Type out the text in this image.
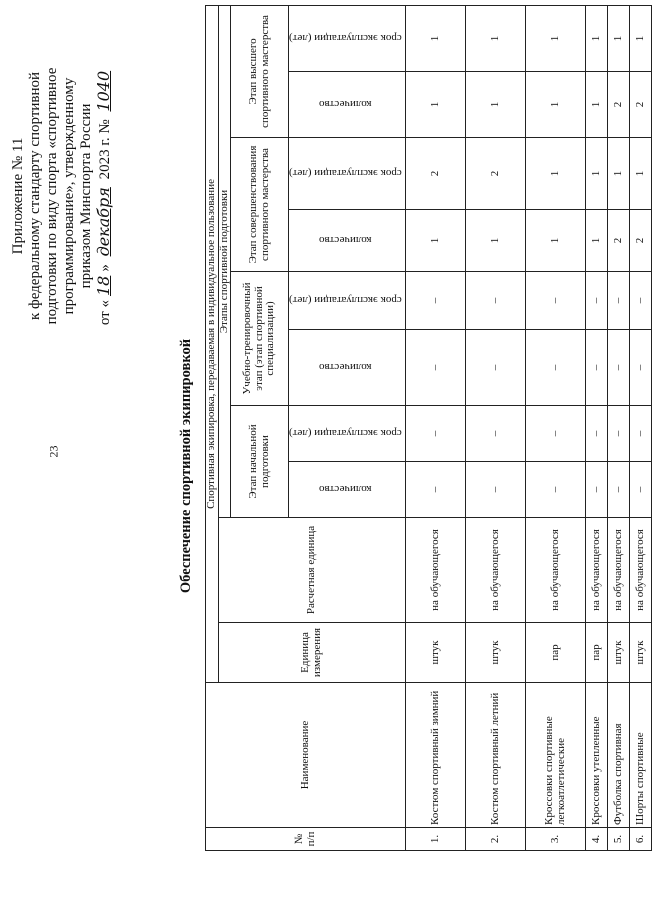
23
Приложение № 11 к федеральному стандарту спортивной подготовки по виду спорта «спортивное программирование», утвержденному приказом Минспорта России
от «18» декабря 2023 г. № 1040
Обеспечение спортивной экипировкой
№ п/п	Наименование	Спортивная экипировка, передаваемая в индивидуальное пользование									
		Единица измерения	Расчетная единица	Этапы спортивной подготовки							
				Этап начальной подготовки		Учебно-тренировочный этап (этап спортивной специализации)		Этап совершенствования спортивного мастерства		Этап высшего спортивного мастерства	
				количество	срок эксплуатации (лет)	количество	срок эксплуатации (лет)	количество	срок эксплуатации (лет)	количество	срок эксплуатации (лет)
1.	Костюм спортивный зимний	штук	на обучающегося	–	–	–	–	1	2	1	1
2.	Костюм спортивный летний	штук	на обучающегося	–	–	–	–	1	2	1	1
3.	Кроссовки спортивные легкоатлетические	пар	на обучающегося	–	–	–	–	1	1	1	1
4.	Кроссовки утепленные	пар	на обучающегося	–	–	–	–	1	1	1	1
5.	Футболка спортивная	штук	на обучающегося	–	–	–	–	2	1	2	1
6.	Шорты спортивные	штук	на обучающегося	–	–	–	–	2	1	2	1
